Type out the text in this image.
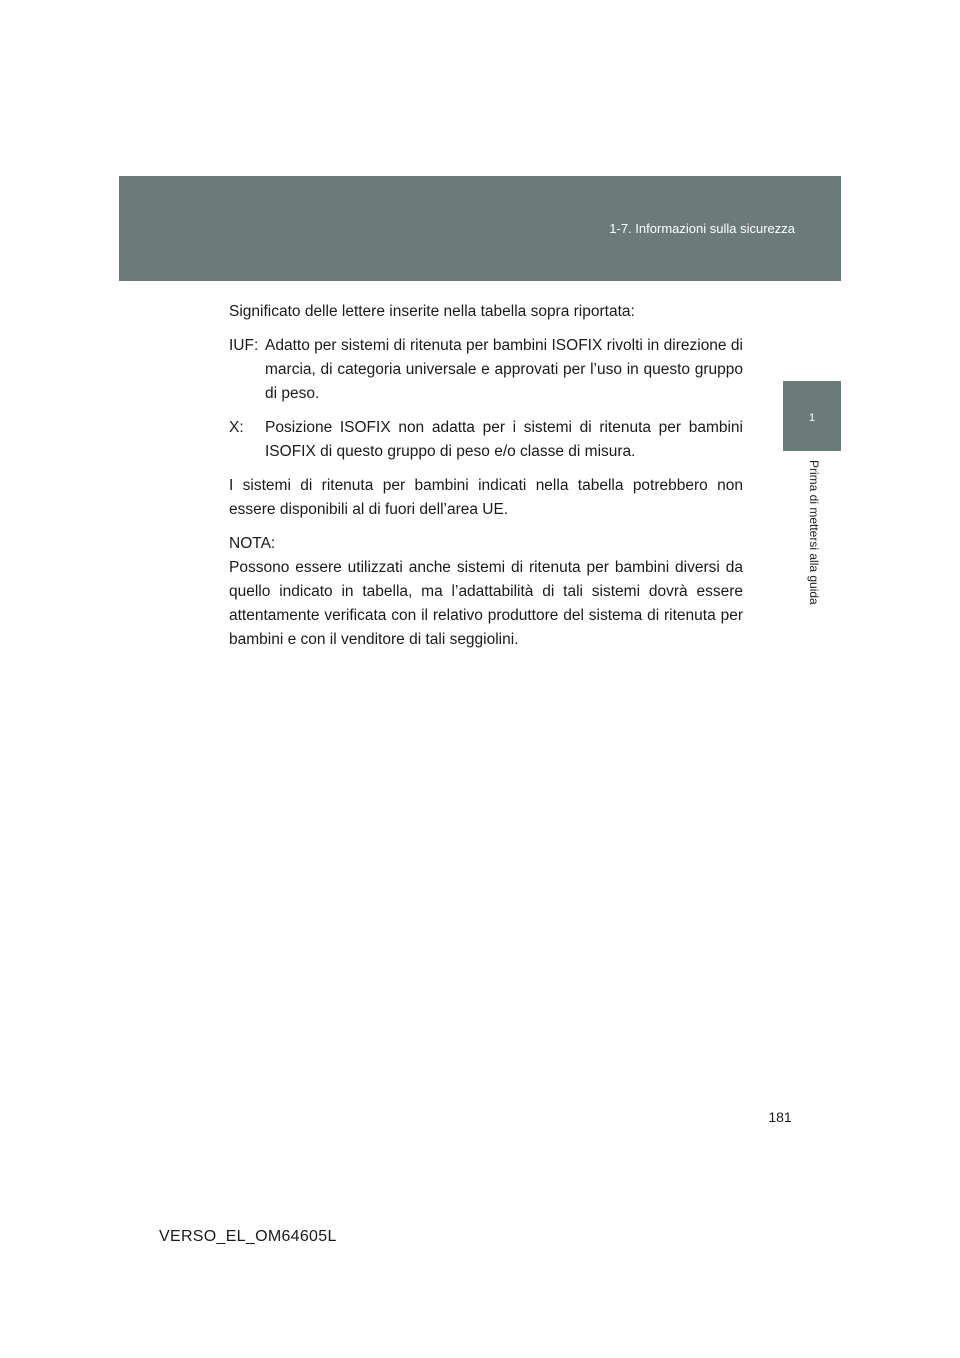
1-7. Informazioni sulla sicurezza
1
Prima di mettersi alla guida

Significato delle lettere inserite nella tabella sopra riportata:

IUF: Adatto per sistemi di ritenuta per bambini ISOFIX rivolti in direzione di marcia, di categoria universale e approvati per l’uso in questo gruppo di peso.
X:	Posizione ISOFIX non adatta per i sistemi di ritenuta per bambini ISOFIX di questo gruppo di peso e/o classe di misura.

I sistemi di ritenuta per bambini indicati nella tabella potrebbero non essere disponibili al di fuori dell’area UE.

NOTA:

Possono essere utilizzati anche sistemi di ritenuta per bambini diversi da quello indicato in tabella, ma l’adattabilità di tali sistemi dovrà essere attentamente verificata con il relativo produttore del sistema di ritenuta per bambini e con il venditore di tali seggiolini.

181
VERSO_EL_OM64605L
